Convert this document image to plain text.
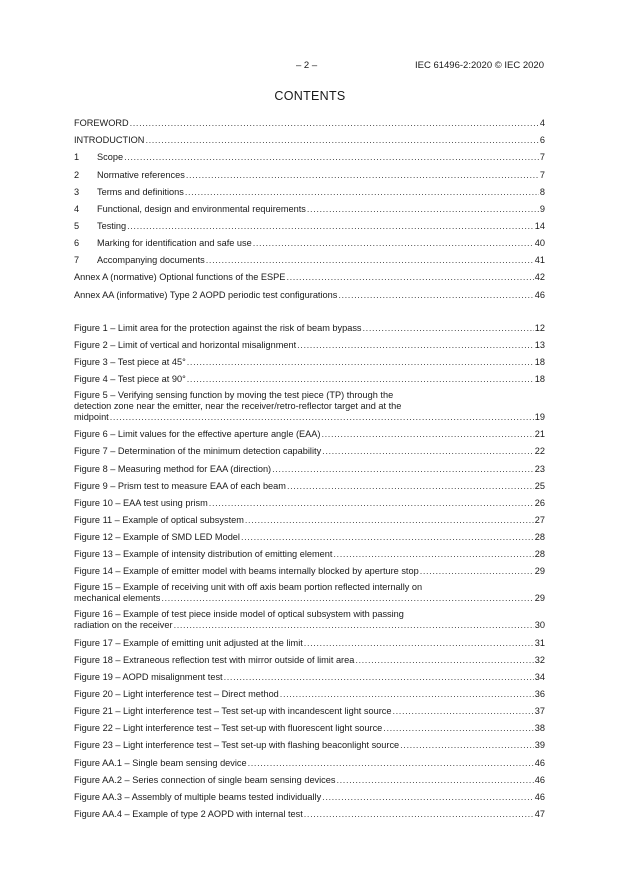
– 2 –	IEC 61496-2:2020 © IEC 2020
CONTENTS
FOREWORD .....	4
INTRODUCTION .....	6
1	Scope .....	7
2	Normative references .....	7
3	Terms and definitions .....	8
4	Functional, design and environmental requirements .....	9
5	Testing .....	14
6	Marking for identification and safe use .....	40
7	Accompanying documents .....	41
Annex A (normative) Optional functions of the ESPE .....	42
Annex AA (informative) Type 2 AOPD periodic test configurations .....	46
Figure 1 – Limit area for the protection against the risk of beam bypass .....	12
Figure 2 – Limit of vertical and horizontal misalignment .....	13
Figure 3 – Test piece at 45° .....	18
Figure 4 – Test piece at 90° .....	18
Figure 5 – Verifying sensing function by moving the test piece (TP) through the
detection zone near the emitter, near the receiver/retro-reflector target and at the
midpoint .....	19
Figure 6 – Limit values for the effective aperture angle (EAA) .....	21
Figure 7 – Determination of the minimum detection capability .....	22
Figure 8 – Measuring method for EAA (direction) .....	23
Figure 9 – Prism test to measure EAA of each beam .....	25
Figure 10 – EAA test using prism .....	26
Figure 11 – Example of optical subsystem .....	27
Figure 12 – Example of SMD LED Model .....	28
Figure 13 – Example of intensity distribution of emitting element .....	28
Figure 14 – Example of emitter model with beams internally blocked by aperture stop .....	29
Figure 15 – Example of receiving unit with off axis beam portion reflected internally on
mechanical elements .....	29
Figure 16 – Example of test piece inside model of optical subsystem with passing
radiation on the receiver .....	30
Figure 17 – Example of emitting unit adjusted at the limit .....	31
Figure 18 – Extraneous reflection test with mirror outside of limit area .....	32
Figure 19 – AOPD misalignment test .....	34
Figure 20 – Light interference test – Direct method .....	36
Figure 21 – Light interference test – Test set-up with incandescent light source .....	37
Figure 22 – Light interference test – Test set-up with fluorescent light source .....	38
Figure 23 – Light interference test – Test set-up with flashing beaconlight source .....	39
Figure AA.1 – Single beam sensing device .....	46
Figure AA.2 – Series connection of single beam sensing devices .....	46
Figure AA.3 – Assembly of multiple beams tested individually .....	46
Figure AA.4 – Example of type 2 AOPD with internal test .....	47
